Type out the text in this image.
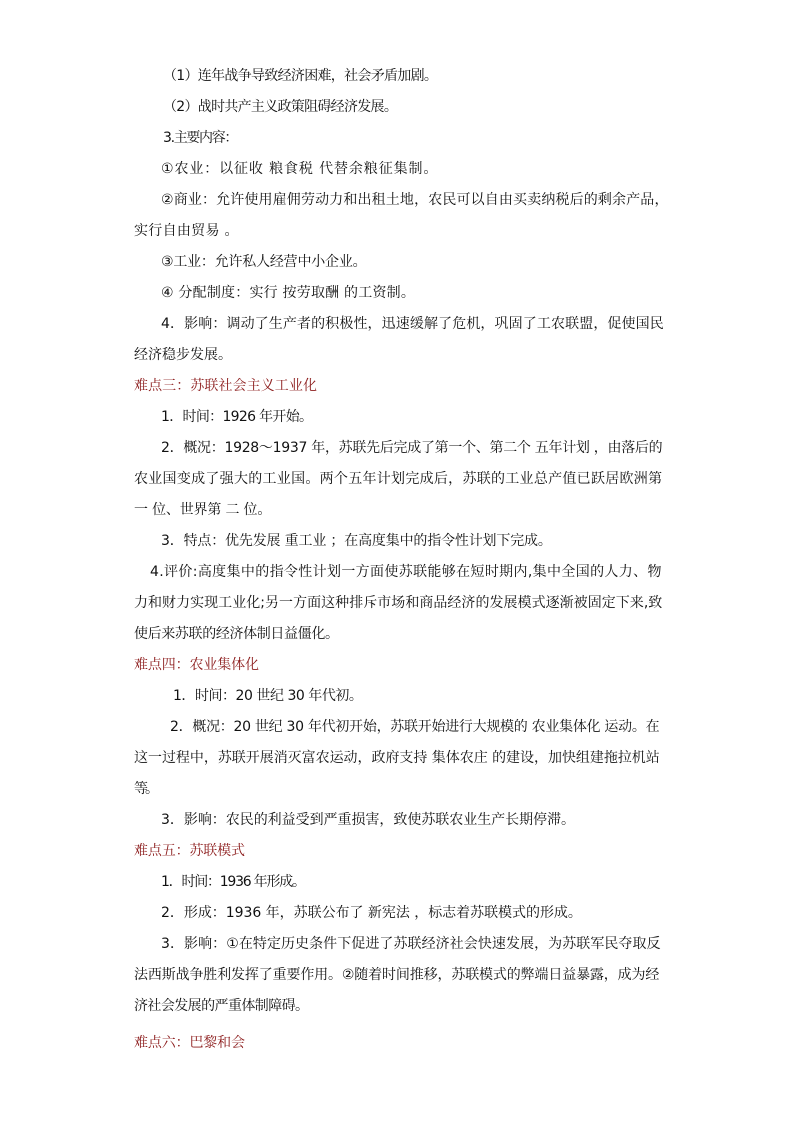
（1）连年战争导致经济困难，社会矛盾加剧。
（2）战时共产主义政策阻碍经济发展。
3.主要内容：
①农业：以征收 粮食税 代替余粮征集制。
②商业：允许使用雇佣劳动力和出租土地，农民可以自由买卖纳税后的剩余产品，
实行自由贸易 。
③工业：允许私人经营中小企业。
④ 分配制度：实行 按劳取酬 的工资制。
4．影响：调动了生产者的积极性，迅速缓解了危机，巩固了工农联盟，促使国民
经济稳步发展。
难点三：苏联社会主义工业化
1．时间：1926 年开始。
2．概况：1928～1937 年，苏联先后完成了第一个、第二个 五年计划 ，由落后的
农业国变成了强大的工业国。两个五年计划完成后，苏联的工业总产值已跃居欧洲第
一 位、世界第 二 位。
3．特点：优先发展 重工业 ；在高度集中的指令性计划下完成。
4.评价:高度集中的指令性计划一方面使苏联能够在短时期内,集中全国的人力、物
力和财力实现工业化;另一方面这种排斥市场和商品经济的发展模式逐渐被固定下来,致
使后来苏联的经济体制日益僵化。
难点四：农业集体化
1．时间：20 世纪 30 年代初。
2．概况：20 世纪 30 年代初开始，苏联开始进行大规模的 农业集体化 运动。在
这一过程中，苏联开展消灭富农运动，政府支持 集体农庄 的建设，加快组建拖拉机站
等。
3．影响：农民的利益受到严重损害，致使苏联农业生产长期停滞。
难点五：苏联模式
1．时间：1936 年形成。
2．形成：1936 年，苏联公布了 新宪法 ，标志着苏联模式的形成。
3．影响：①在特定历史条件下促进了苏联经济社会快速发展，为苏联军民夺取反
法西斯战争胜利发挥了重要作用。②随着时间推移，苏联模式的弊端日益暴露，成为经
济社会发展的严重体制障碍。
难点六：巴黎和会
